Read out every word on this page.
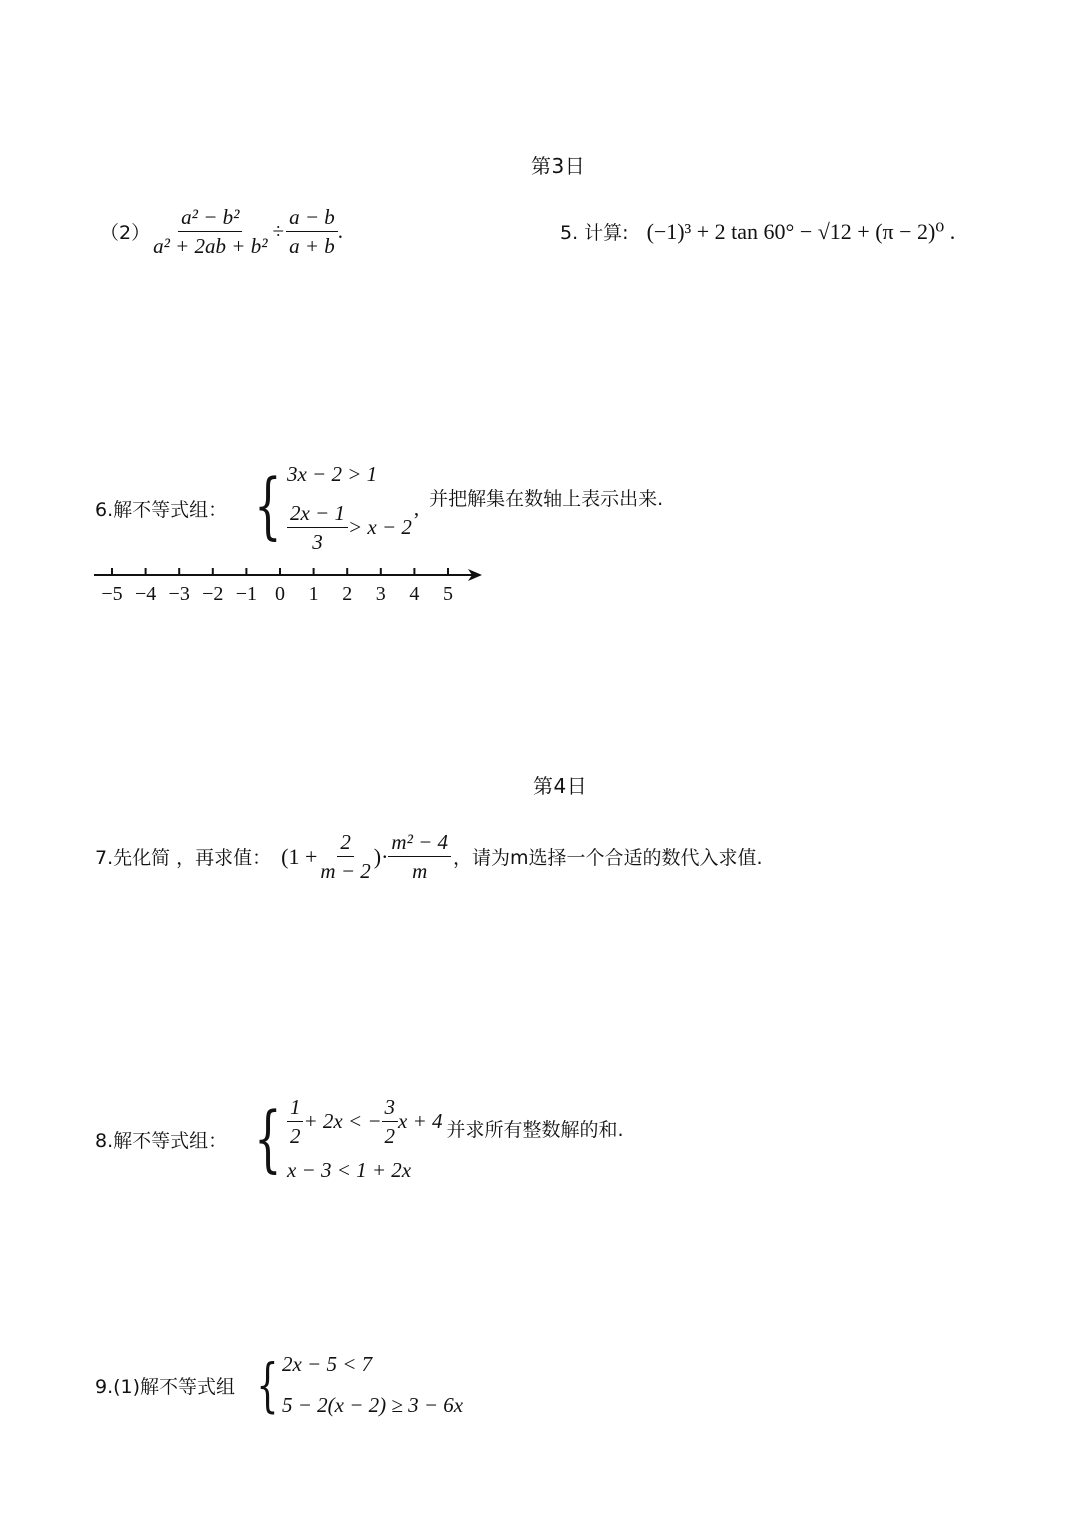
第3日
$(2) \frac{\text{a² − b²}}{\text{a² + 2ab + b²}} \div \frac{a - b}{a + b}$ .	5. 计算: (−1)³ + 2 tan 60° − √12 + (π − 2)⁰ .
6.解不等式组： { 3x − 2 > 1
$\frac{2x - 1}{3} > x - 2$
, 并把解集在数轴上表示出来.
−5 −4 −3 −2 −1 0 1 2 3 4 5
第4日
7.先化简 ，再求值： ($1 + \frac{2}{m - 2}$ )· $\frac{\text{m² − 4}}{m}$ ，请为m选择一个合适的数代入求值.
8.解不等式组： { $\frac{1}{2} + 2x$ < − $\frac{3}{2}$ x + 4
x − 3 < 1 + 2x
并求所有整数解的和.
9.(1)解不等式组 { 2x − 5 < 7
5 − 2(x − 2) ≥ 3 − 6x
